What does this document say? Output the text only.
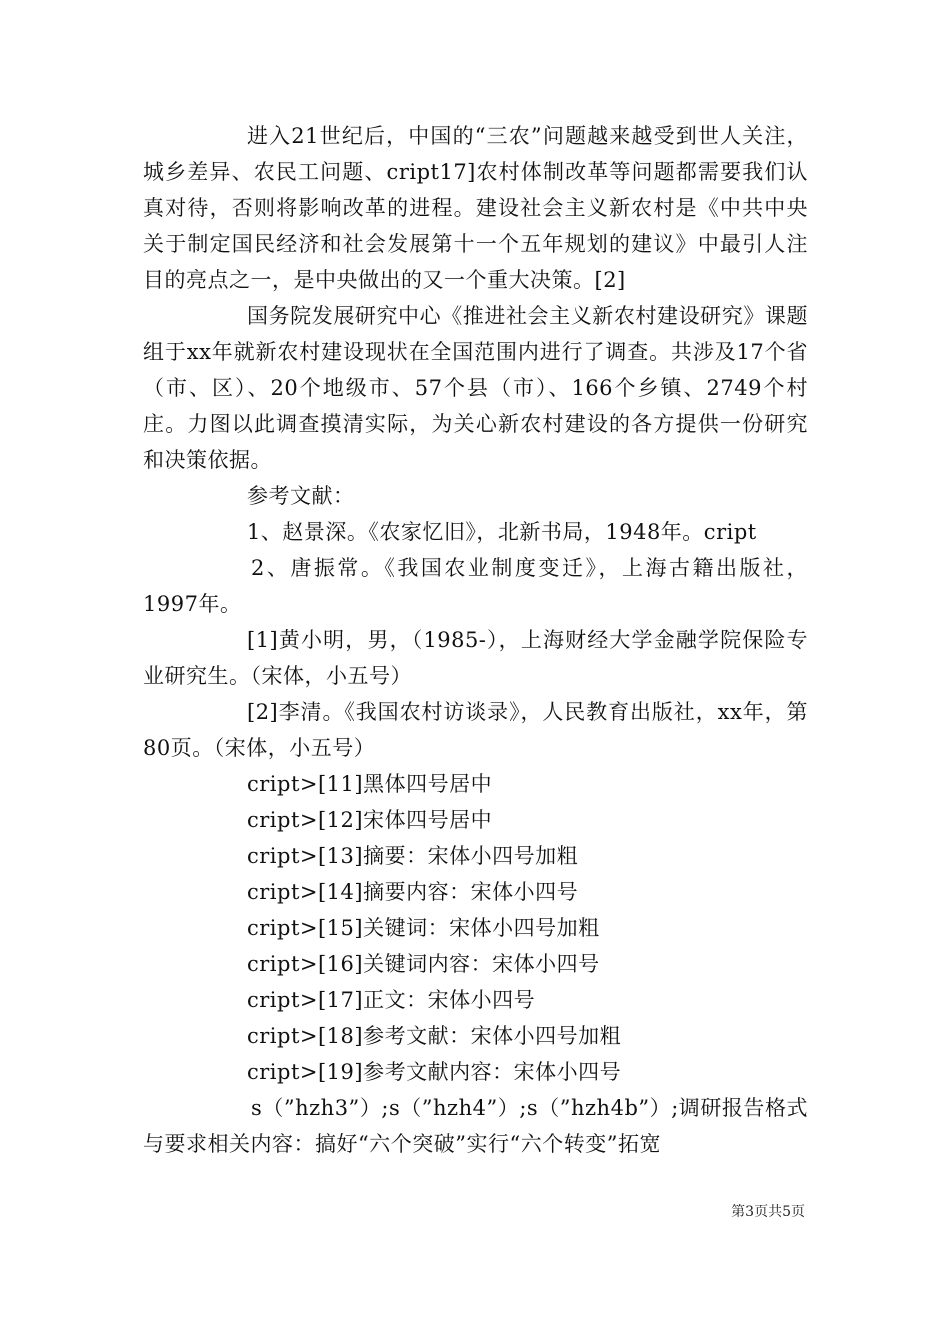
进入21世纪后，中国的“三农”问题越来越受到世人关注，城乡差异、农民工问题、cript17]农村体制改革等问题都需要我们认真对待，否则将影响改革的进程。建设社会主义新农村是《中共中央关于制定国民经济和社会发展第十一个五年规划的建议》中最引人注目的亮点之一，是中央做出的又一个重大决策。[2]

国务院发展研究中心《推进社会主义新农村建设研究》课题组于xx年就新农村建设现状在全国范围内进行了调查。共涉及17个省（市、区）、20个地级市、57个县（市）、166个乡镇、2749个村庄。力图以此调查摸清实际，为关心新农村建设的各方提供一份研究和决策依据。

参考文献：

1、赵景深。《农家忆旧》，北新书局，1948年。cript

2、唐振常。《我国农业制度变迁》，上海古籍出版社，1997年。

[1]黄小明，男，（1985-），上海财经大学金融学院保险专业研究生。（宋体，小五号）

[2]李清。《我国农村访谈录》，人民教育出版社，xx年，第80页。（宋体，小五号）

cript>[11]黑体四号居中

cript>[12]宋体四号居中

cript>[13]摘要：宋体小四号加粗

cript>[14]摘要内容：宋体小四号

cript>[15]关键词：宋体小四号加粗

cript>[16]关键词内容：宋体小四号

cript>[17]正文：宋体小四号

cript>[18]参考文献：宋体小四号加粗

cript>[19]参考文献内容：宋体小四号

s（”hzh3”）;s（”hzh4”）;s（”hzh4b”）;调研报告格式与要求相关内容：搞好“六个突破”实行“六个转变”拓宽

第3页共5页
